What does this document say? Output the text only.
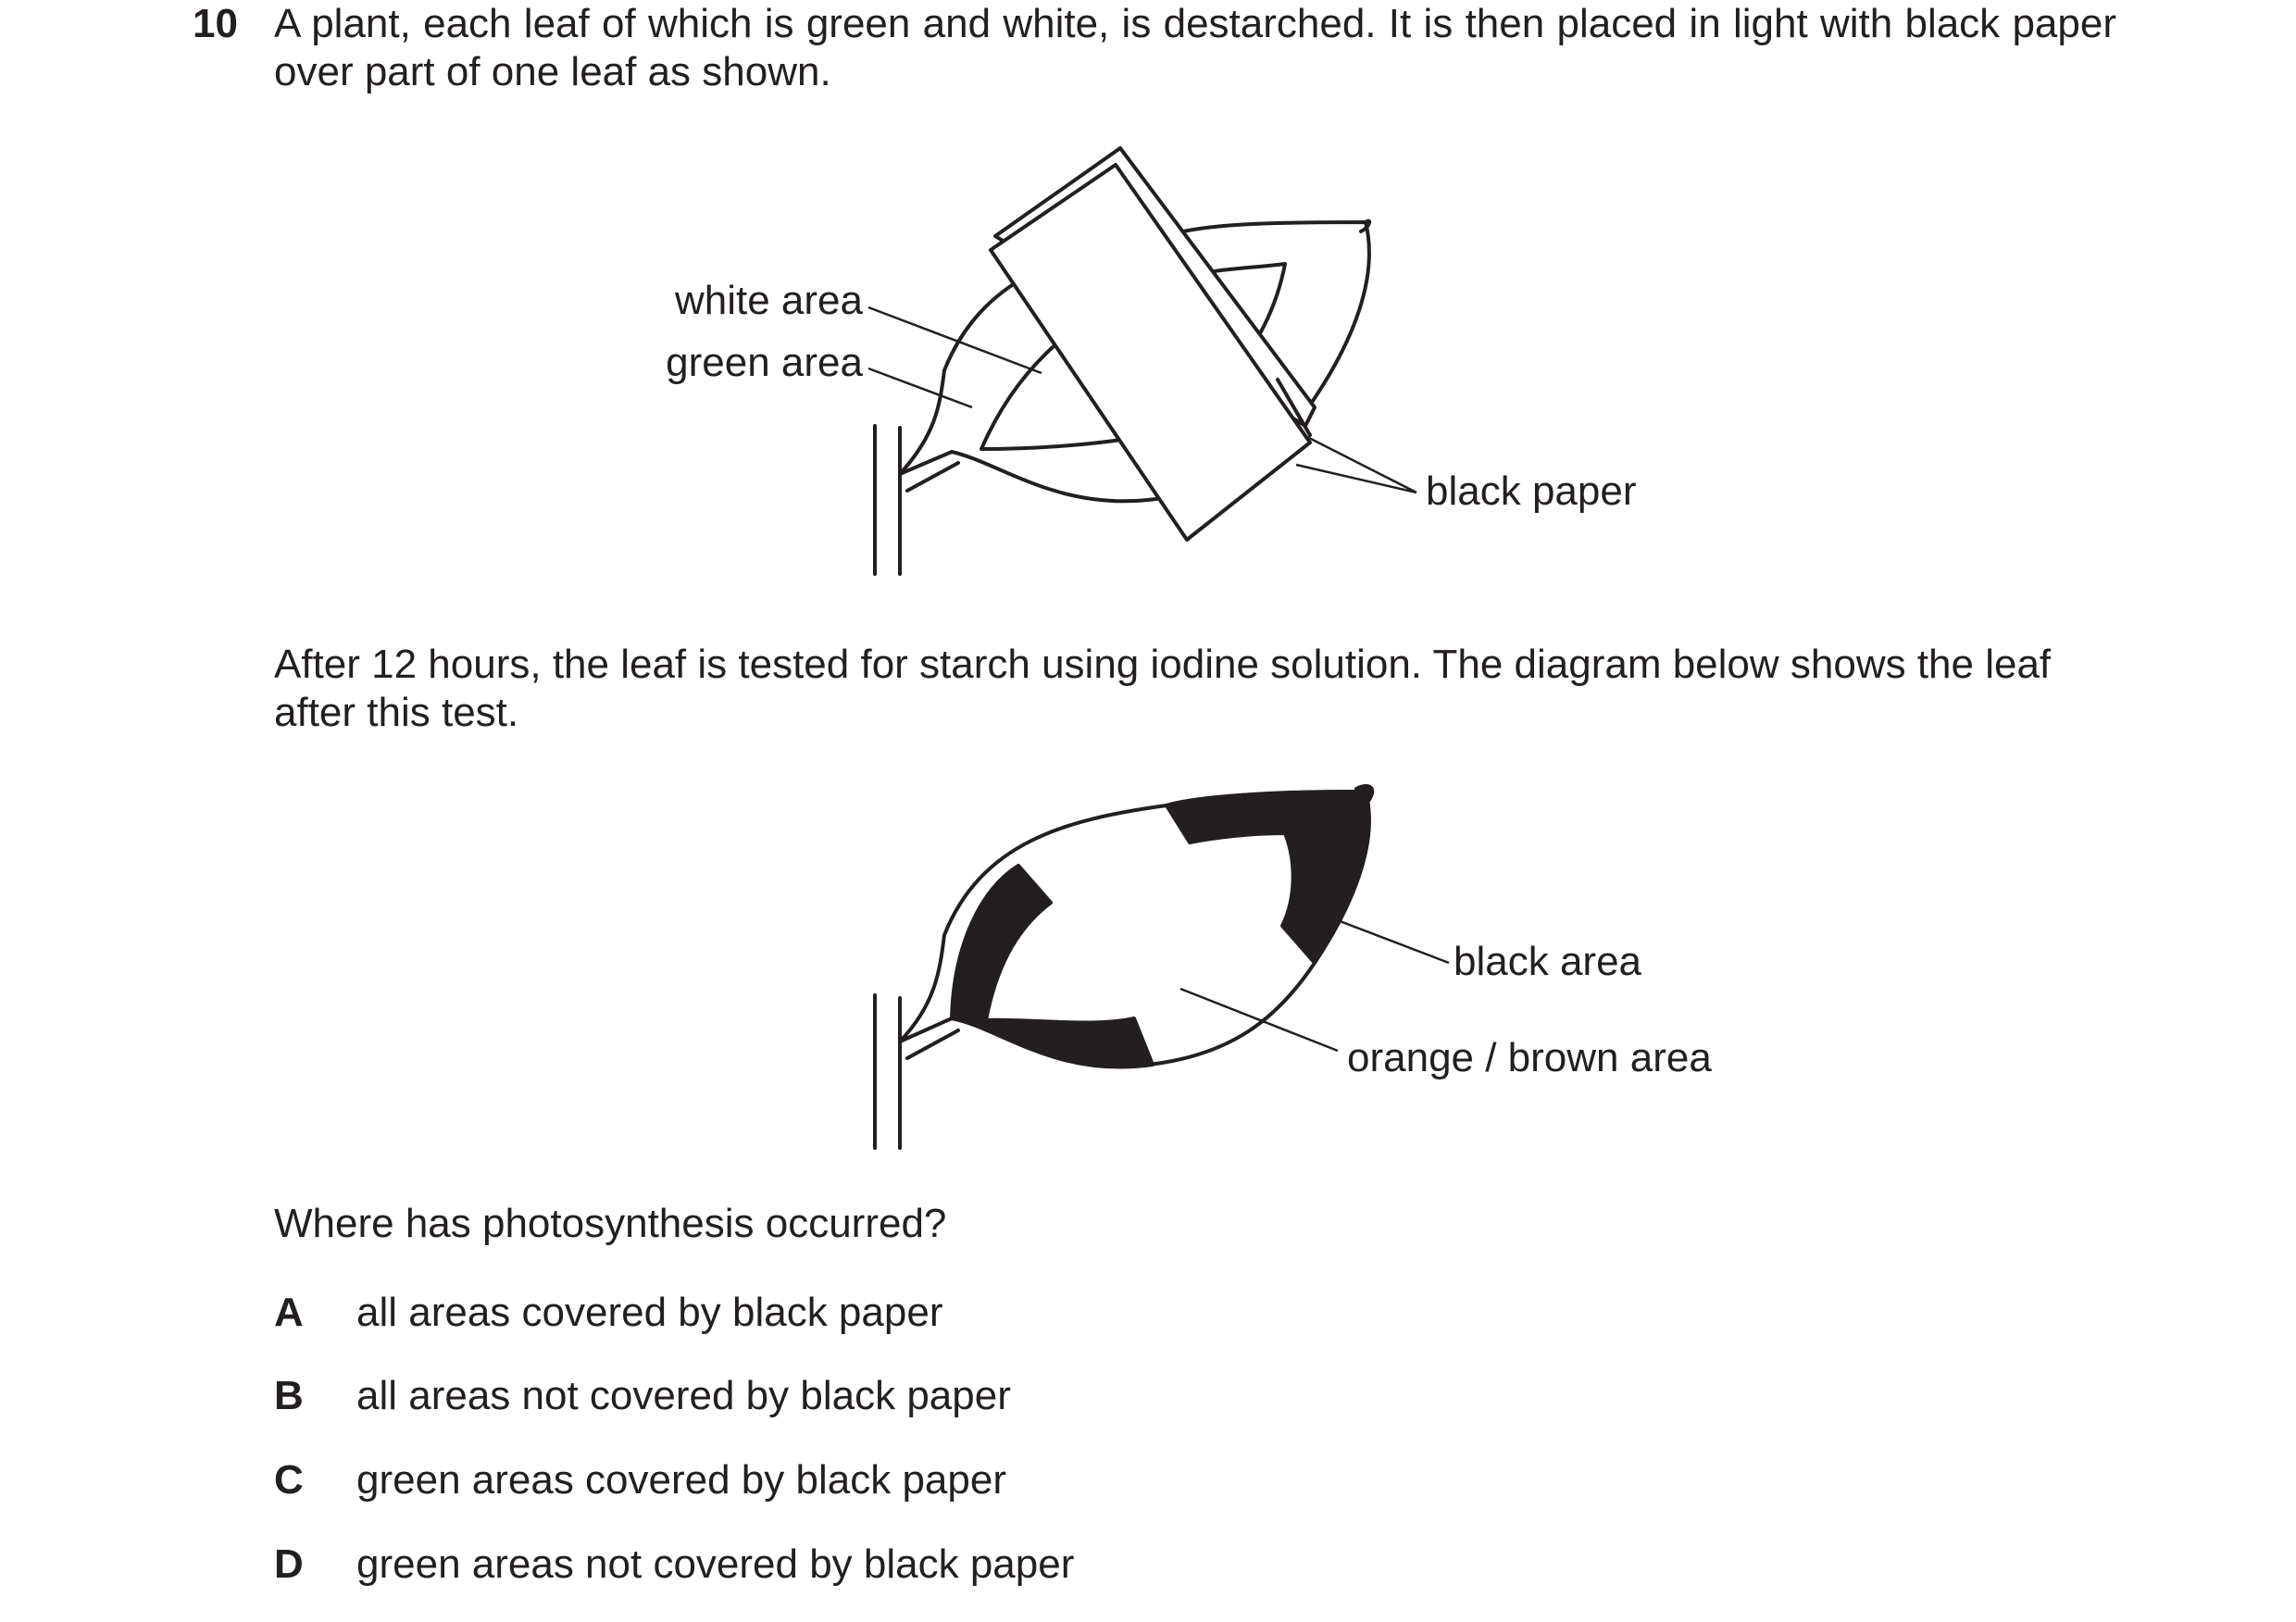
10 A plant, each leaf of which is green and white, is destarched. It is then placed in light with black paper over part of one leaf as shown.

white area
green area
black paper

After 12 hours, the leaf is tested for starch using iodine solution. The diagram below shows the leaf after this test.

black area
orange / brown area

Where has photosynthesis occurred?

A all areas covered by black paper
B all areas not covered by black paper
C green areas covered by black paper
D green areas not covered by black paper
